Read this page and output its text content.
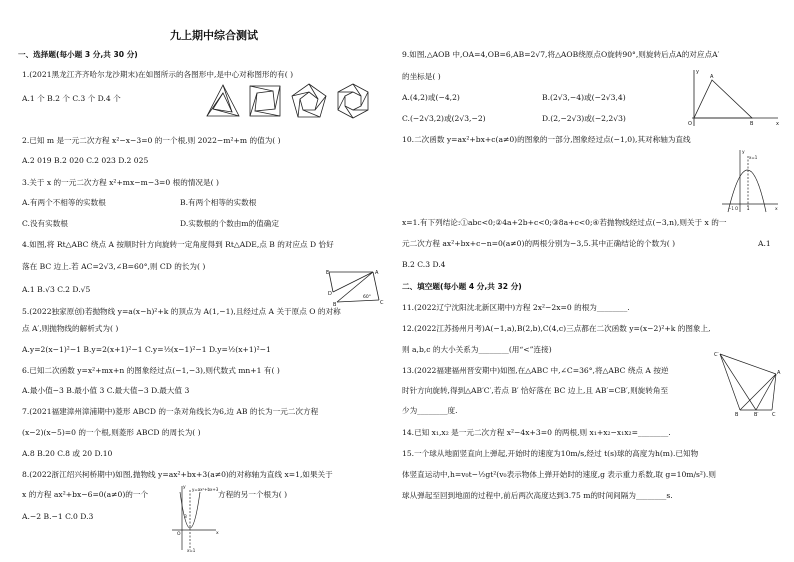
九上期中综合测试
一、选择题(每小题 3 分,共 30 分)
1.(2021黑龙江齐齐哈尔龙沙期末)在如图所示的各图形中,是中心对称图形的有( )
A.1 个 B.2 个 C.3 个 D.4 个
2.已知 m 是一元二次方程 x²−x−3=0 的一个根,则 2022−m²+m 的值为( )
A.2 019 B.2 020 C.2 023 D.2 025
3.关于 x 的一元二次方程 x²+mx−m−3=0 根的情况是( )
A.有两个不相等的实数根	B.有两个相等的实数根
C.没有实数根	D.实数根的个数由m的值确定
4.如图,将 Rt△ABC 绕点 A 按顺时针方向旋转一定角度得到 Rt△ADE,点 B 的对应点 D 恰好
落在 BC 边上.若 AC=2√3,∠B=60°,则 CD 的长为( )
A.1 B.√3 C.2 D.√5
E	A
B
D
C
60°
5.(2022独家原创)若抛物线 y=a(x−h)²+k 的顶点为 A(1,−1),且经过点 A 关于原点 O 的对称
点 A′,则抛物线的解析式为( )
A.y=2(x−1)²−1 B.y=2(x+1)²−1 C.y=½(x−1)²−1 D.y=½(x+1)²−1
6.已知二次函数 y=x²+mx+n 的图象经过点(−1,−3),则代数式 mn+1 有( )
A.最小值−3 B.最小值 3 C.最大值−3 D.最大值 3
7.(2021福建漳州漳浦期中)菱形 ABCD 的一条对角线长为6,边 AB 的长为一元二次方程
(x−2)(x−5)=0 的一个根,则菱形 ABCD 的周长为( )
A.8 B.20 C.8 或 20 D.10
8.(2022浙江绍兴柯桥期中)如图,抛物线 y=ax²+bx+3(a≠0)的对称轴为直线 x=1,如果关于
x 的方程 ax²+bx−6=0(a≠0)的一个	方程的另一个根为( )
A.−2 B.−1 C.0 D.3
y=ax²+bx+3
y
x
O
3
x=1
9.如图,△AOB 中,OA=4,OB=6,AB=2√7,将△AOB绕原点O旋转90°,则旋转后点A的对应点A′
的坐标是( )
A.(4,2)或(−4,2)	B.(2√3,−4)或(−2√3,4)
C.(−2√3,2)或(2√3,−2)	D.(2,−2√3)或(−2,2√3)
y
A
O	B	x
10.二次函数 y=ax²+bx+c(a≠0)的图象的一部分,图象经过点(−1,0),其对称轴为直线
x=1.有下列结论:①abc<0;②4a+2b+c<0;③8a+c<0;④若抛物线经过点(−3,n),则关于 x 的一
元二次方程 ax²+bx+c−n=0(a≠0)的两根分别为−3,5.其中正确结论的个数为( )	A.1
B.2 C.3 D.4
y
x=1
−1 O 1	x
二、填空题(每小题 4 分,共 32 分)
11.(2022辽宁沈阳沈北新区期中)方程 2x²−2x=0 的根为________.
12.(2022江苏扬州月考)A(−1,a),B(2,b),C(4,c)三点都在二次函数 y=(x−2)²+k 的图象上,
则 a,b,c 的大小关系为________(用“<”连接)
13.(2022福建福州晋安期中)如图,在△ABC 中,∠C=36°,将△ABC 绕点 A 按逆
时针方向旋转,得到△AB′C′,若点 B′ 恰好落在 BC 边上,且 AB′=CB′,则旋转角至
少为________度.
C′
A
B	B′	C
14.已知 x₁,x₂ 是一元二次方程 x²−4x+3=0 的两根,则 x₁+x₂−x₁x₂=________.
15.一个球从地面竖直向上弹起,开始时的速度为10m/s,经过 t(s)球的高度为h(m).已知物
体竖直运动中,h=v₀t−½gt²(v₀表示物体上弹开始时的速度,g 表示重力系数,取 g=10m/s²).则
球从弹起至回到地面的过程中,前后两次高度达到3.75 m的时间间隔为________s.
